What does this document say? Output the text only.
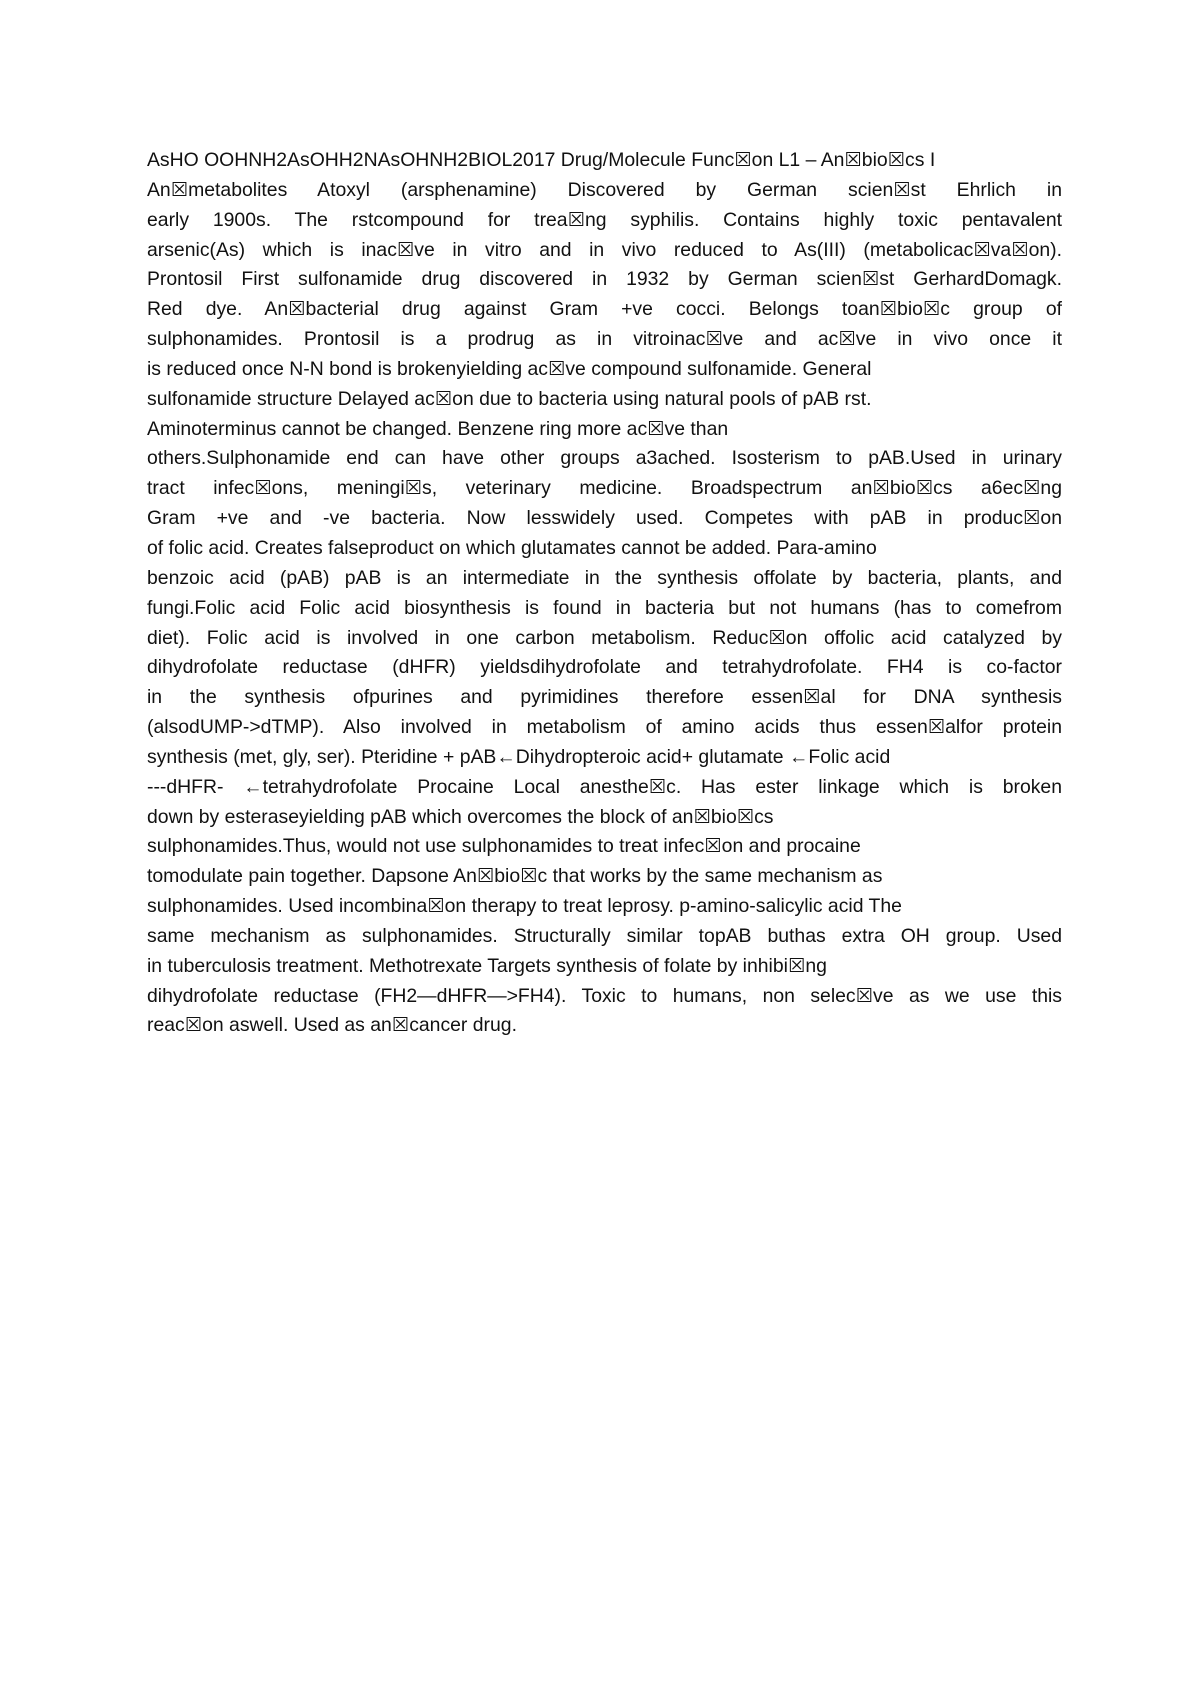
AsHO OOHNH2AsOHH2NAsOHNH2BIOL2017 Drug/Molecule Func☒on L1 – An☒bio☒cs I
An☒metabolites Atoxyl (arsphenamine) Discovered by German scien☒st Ehrlich in
early 1900s. The rstcompound for trea☒ng syphilis. Contains highly toxic pentavalent
arsenic(As) which is inac☒ve in vitro and in vivo reduced to As(III) (metabolicac☒va☒on).
Prontosil First sulfonamide drug discovered in 1932 by German scien☒st GerhardDomagk.
Red dye. An☒bacterial drug against Gram +ve cocci. Belongs toan☒bio☒c group of
sulphonamides. Prontosil is a prodrug as in vitroinac☒ve and ac☒ve in vivo once it
is reduced once N-N bond is brokenyielding ac☒ve compound sulfonamide. General
sulfonamide structure Delayed ac☒on due to bacteria using natural pools of pAB rst.
Aminoterminus cannot be changed. Benzene ring more ac☒ve than
others.Sulphonamide end can have other groups a3ached. Isosterism to pAB.Used in urinary
tract infec☒ons, meningi☒s, veterinary medicine. Broadspectrum an☒bio☒cs a6ec☒ng
Gram +ve and -ve bacteria. Now lesswidely used. Competes with pAB in produc☒on
of folic acid. Creates falseproduct on which glutamates cannot be added. Para-amino
benzoic acid (pAB) pAB is an intermediate in the synthesis offolate by bacteria, plants, and
fungi.Folic acid Folic acid biosynthesis is found in bacteria but not humans (has to comefrom
diet). Folic acid is involved in one carbon metabolism. Reduc☒on offolic acid catalyzed by
dihydrofolate reductase (dHFR) yieldsdihydrofolate and tetrahydrofolate. FH4 is co-factor
in the synthesis ofpurines and pyrimidines therefore essen☒al for DNA synthesis
(alsodUMP->dTMP). Also involved in metabolism of amino acids thus essen☒alfor protein
synthesis (met, gly, ser). Pteridine + pAB←Dihydropteroic acid+ glutamate ←Folic acid
---dHFR- ←tetrahydrofolate Procaine Local anesthe☒c. Has ester linkage which is broken
down by esteraseyielding pAB which overcomes the block of an☒bio☒cs
sulphonamides.Thus, would not use sulphonamides to treat infec☒on and procaine
tomodulate pain together. Dapsone An☒bio☒c that works by the same mechanism as
sulphonamides. Used incombina☒on therapy to treat leprosy. p-amino-salicylic acid The
same mechanism as sulphonamides. Structurally similar topAB buthas extra OH group. Used
in tuberculosis treatment. Methotrexate Targets synthesis of folate by inhibi☒ng
dihydrofolate reductase (FH2—dHFR—>FH4). Toxic to humans, non selec☒ve as we use this
reac☒on aswell. Used as an☒cancer drug.
